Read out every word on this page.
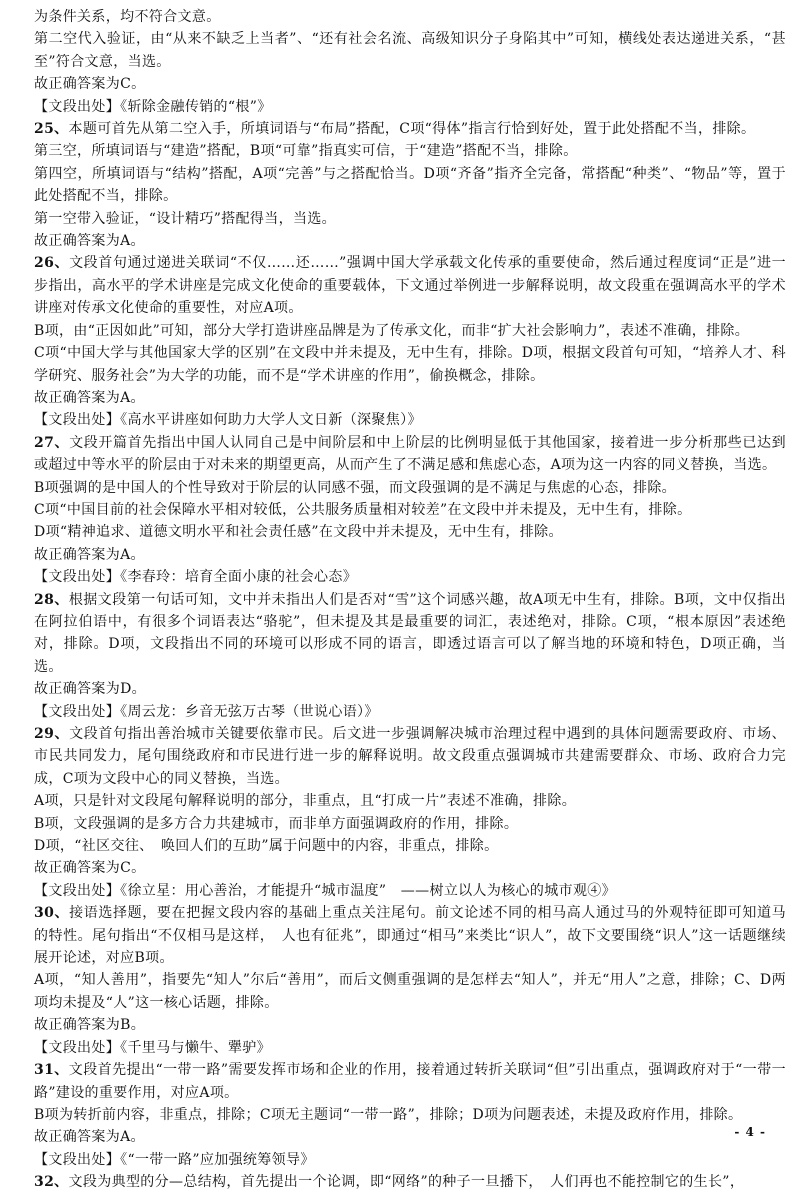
为条件关系，均不符合文意。

第二空代入验证，由“从来不缺乏上当者”、“还有社会名流、高级知识分子身陷其中”可知，横线处表达递进关系，“甚至”符合文意，当选。

故正确答案为C。

【文段出处】《斩除金融传销的“根”》

25、本题可首先从第二空入手，所填词语与“布局”搭配，C项“得体”指言行恰到好处，置于此处搭配不当，排除。

第三空，所填词语与“建造”搭配，B项“可靠”指真实可信，于“建造”搭配不当，排除。

第四空，所填词语与“结构”搭配，A项“完善”与之搭配恰当。D项“齐备”指齐全完备，常搭配“种类”、“物品”等，置于此处搭配不当，排除。

第一空带入验证，“设计精巧”搭配得当，当选。

故正确答案为A。

26、文段首句通过递进关联词“不仅……还……”强调中国大学承载文化传承的重要使命，然后通过程度词“正是”进一步指出，高水平的学术讲座是完成文化使命的重要载体，下文通过举例进一步解释说明，故文段重在强调高水平的学术讲座对传承文化使命的重要性，对应A项。

B项，由“正因如此”可知，部分大学打造讲座品牌是为了传承文化，而非“扩大社会影响力”，表述不准确，排除。

C项“中国大学与其他国家大学的区别”在文段中并未提及，无中生有，排除。D项，根据文段首句可知，“培养人才、科学研究、服务社会”为大学的功能，而不是“学术讲座的作用”，偷换概念，排除。

故正确答案为A。

【文段出处】《高水平讲座如何助力大学人文日新（深聚焦）》

27、文段开篇首先指出中国人认同自己是中间阶层和中上阶层的比例明显低于其他国家，接着进一步分析那些已达到或超过中等水平的阶层由于对未来的期望更高，从而产生了不满足感和焦虑心态，A项为这一内容的同义替换，当选。

B项强调的是中国人的个性导致对于阶层的认同感不强，而文段强调的是不满足与焦虑的心态，排除。

C项“中国目前的社会保障水平相对较低，公共服务质量相对较差”在文段中并未提及，无中生有，排除。

D项“精神追求、道德文明水平和社会责任感”在文段中并未提及，无中生有，排除。

故正确答案为A。

【文段出处】《李春玲：培育全面小康的社会心态》

28、根据文段第一句话可知，文中并未指出人们是否对“雪”这个词感兴趣，故A项无中生有，排除。B项，文中仅指出在阿拉伯语中，有很多个词语表达“骆驼”，但未提及其是最重要的词汇，表述绝对，排除。C项，“根本原因”表述绝对，排除。D项，文段指出不同的环境可以形成不同的语言，即透过语言可以了解当地的环境和特色，D项正确，当选。

故正确答案为D。

【文段出处】《周云龙：乡音无弦万古琴（世说心语）》

29、文段首句指出善治城市关键要依靠市民。后文进一步强调解决城市治理过程中遇到的具体问题需要政府、市场、市民共同发力，尾句围绕政府和市民进行进一步的解释说明。故文段重点强调城市共建需要群众、市场、政府合力完成，C项为文段中心的同义替换，当选。

A项，只是针对文段尾句解释说明的部分，非重点，且“打成一片”表述不准确，排除。

B项，文段强调的是多方合力共建城市，而非单方面强调政府的作用，排除。

D项，“社区交往、　唤回人们的互助”属于问题中的内容，非重点，排除。

故正确答案为C。

【文段出处】《徐立星：用心善治，才能提升“城市温度”　——树立以人为核心的城市观④》

30、接语选择题，要在把握文段内容的基础上重点关注尾句。前文论述不同的相马高人通过马的外观特征即可知道马的特性。尾句指出“不仅相马是这样，　人也有征兆”，即通过“相马”来类比“识人”，故下文要围绕“识人”这一话题继续展开论述，对应B项。

A项，“知人善用”，指要先“知人”尔后“善用”，而后文侧重强调的是怎样去“知人”，并无“用人”之意，排除；C、D两项均未提及“人”这一核心话题，排除。

故正确答案为B。

【文段出处】《千里马与懒牛、犟驴》

31、文段首先提出“一带一路”需要发挥市场和企业的作用，接着通过转折关联词“但”引出重点，强调政府对于“一带一路”建设的重要作用，对应A项。

B项为转折前内容，非重点，排除；C项无主题词“一带一路”，排除；D项为问题表述，未提及政府作用，排除。

故正确答案为A。

【文段出处】《“一带一路”应加强统筹领导》

32、文段为典型的分—总结构，首先提出一个论调，即“网络”的种子一旦播下，　人们再也不能控制它的生长”，

- 4 -
